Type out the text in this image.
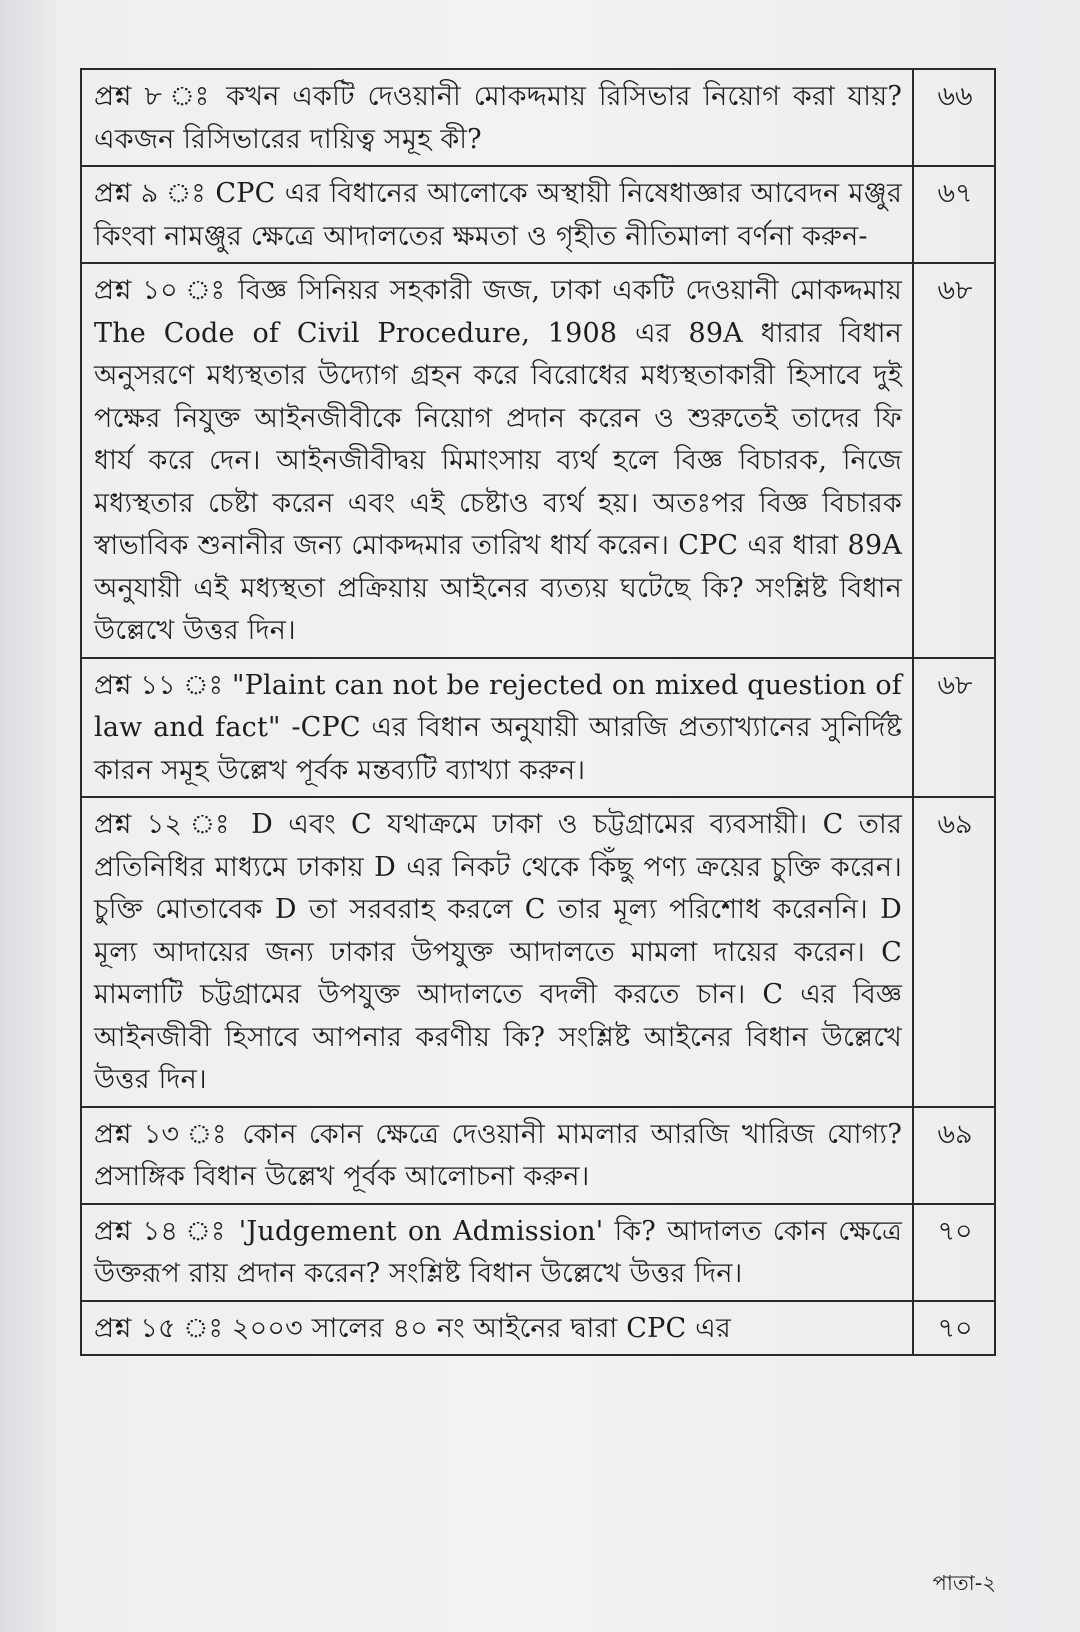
প্রশ্ন ৮ ঃ কখন একটি দেওয়ানী মোকদ্দমায় রিসিভার নিয়োগ করা যায়? একজন রিসিভারের দায়িত্ব সমূহ কী?	৬৬
প্রশ্ন ৯ ঃ CPC এর বিধানের আলোকে অস্থায়ী নিষেধাজ্ঞার আবেদন মঞ্জুর কিংবা নামঞ্জুর ক্ষেত্রে আদালতের ক্ষমতা ও গৃহীত নীতিমালা বর্ণনা করুন-	৬৭
প্রশ্ন ১০ ঃ বিজ্ঞ সিনিয়র সহকারী জজ, ঢাকা একটি দেওয়ানী মোকদ্দমায় The Code of Civil Procedure, 1908 এর 89A ধারার বিধান অনুসরণে মধ্যস্থতার উদ্যোগ গ্রহন করে বিরোধের মধ্যস্থতাকারী হিসাবে দুই পক্ষের নিযুক্ত আইনজীবীকে নিয়োগ প্রদান করেন ও শুরুতেই তাদের ফি ধার্য করে দেন। আইনজীবীদ্বয় মিমাংসায় ব্যর্থ হলে বিজ্ঞ বিচারক, নিজে মধ্যস্থতার চেষ্টা করেন এবং এই চেষ্টাও ব্যর্থ হয়। অতঃপর বিজ্ঞ বিচারক স্বাভাবিক শুনানীর জন্য মোকদ্দমার তারিখ ধার্য করেন। CPC এর ধারা 89A অনুযায়ী এই মধ্যস্থতা প্রক্রিয়ায় আইনের ব্যত্যয় ঘটেছে কি? সংশ্লিষ্ট বিধান উল্লেখে উত্তর দিন।	৬৮
প্রশ্ন ১১ ঃ "Plaint can not be rejected on mixed question of law and fact" -CPC এর বিধান অনুযায়ী আরজি প্রত্যাখ্যানের সুনির্দিষ্ট কারন সমূহ উল্লেখ পূর্বক মন্তব্যটি ব্যাখ্যা করুন।	৬৮
প্রশ্ন ১২ ঃ D এবং C যথাক্রমে ঢাকা ও চট্টগ্রামের ব্যবসায়ী। C তার প্রতিনিধির মাধ্যমে ঢাকায় D এর নিকট থেকে কিঁছু পণ্য ক্রয়ের চুক্তি করেন। চুক্তি মোতাবেক D তা সরবরাহ করলে C তার মূল্য পরিশোধ করেননি। D মূল্য আদায়ের জন্য ঢাকার উপযুক্ত আদালতে মামলা দায়ের করেন। C মামলাটি চট্টগ্রামের উপযুক্ত আদালতে বদলী করতে চান। C এর বিজ্ঞ আইনজীবী হিসাবে আপনার করণীয় কি? সংশ্লিষ্ট আইনের বিধান উল্লেখে উত্তর দিন।	৬৯
প্রশ্ন ১৩ ঃ কোন কোন ক্ষেত্রে দেওয়ানী মামলার আরজি খারিজ যোগ্য? প্রসাঙ্গিক বিধান উল্লেখ পূর্বক আলোচনা করুন।	৬৯
প্রশ্ন ১৪ ঃ 'Judgement on Admission' কি? আদালত কোন ক্ষেত্রে উক্তরূপ রায় প্রদান করেন? সংশ্লিষ্ট বিধান উল্লেখে উত্তর দিন।	৭০
প্রশ্ন ১৫ ঃ ২০০৩ সালের ৪০ নং আইনের দ্বারা CPC এর	৭০
পাতা-২
